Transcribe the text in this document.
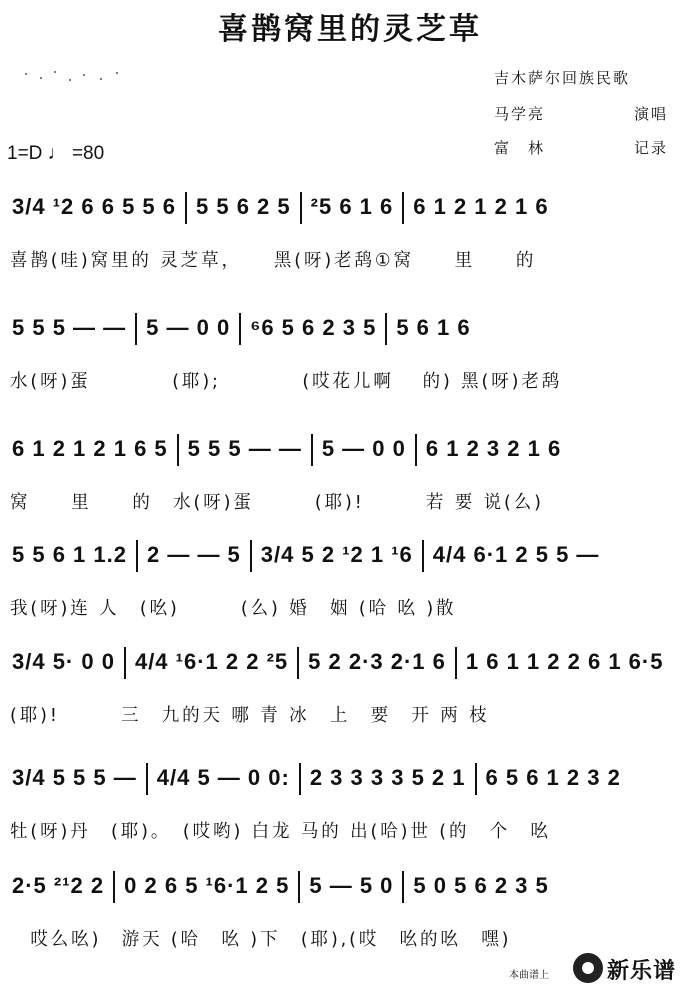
喜鹊窝里的灵芝草
吉木萨尔回族民歌
马学亮	演唱
富　林	记录
1=D ♩ =80
3/4 ¹2 6 6 5 5 6 5 5 6 2 5 ²5 6 1 6 6 1 2 1 2 1 6
喜鹊(哇)窝里的 灵芝草，　　黑(呀)老鸹①窝　　里　　的
5 5 5 — — 5 — 0 0 ⁶6 5 6 2 3 5 5 6 1 6
水(呀)蛋　　　　(耶);　　　　(哎花儿啊　 的) 黑(呀)老鸹
6 1 2 1 2 1 6 5 5 5 5 — — 5 — 0 0 6 1 2 3 2 1 6
窝　　里　　的　水(呀)蛋　　　(耶)!　　　若 要 说(么)
5 5 6 1 1.2 2 — — 5 3/4 5 2 ¹2 1 ¹6 4/4 6·1 2 5 5 —
我(呀)连 人　(吆)　　　(么) 婚　姻 (哈 吆 )散
3/4 5· 0 0 4/4 ¹6·1 2 2 ²5 5 2 2·3 2·1 6 1 6 1 1 2 2 6 1 6·5
(耶)!　　　三　九的天 哪 青 冰　上　要　开 两 枝
3/4 5 5 5 — 4/4 5 — 0 0: 2 3 3 3 3 5 2 1 6 5 6 1 2 3 2
牡(呀)丹　(耶)。　(哎哟) 白龙 马的 出(哈)世 (的　个　吆
2·5 ²¹2 2 0 2 6 5 ¹6·1 2 5 5 — 5 0 5 0 5 6 2 3 5
　哎么吆)　游天 (哈　吆 )下　(耶),(哎　吆的吆　嘿)
本曲谱上	新乐谱
